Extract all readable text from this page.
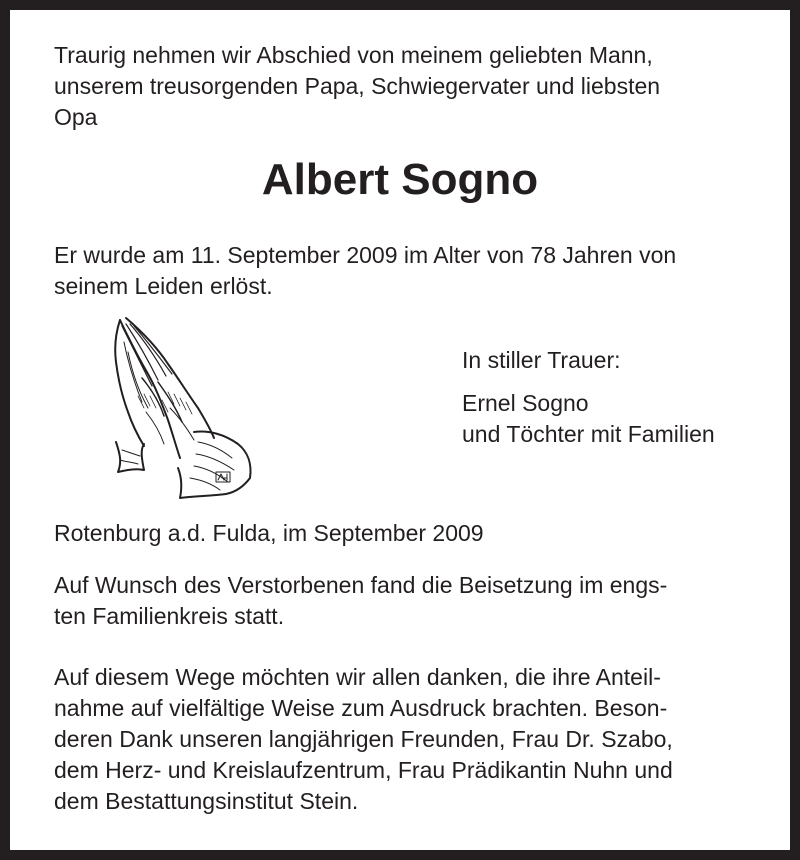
Traurig nehmen wir Abschied von meinem geliebten Mann,

unserem treusorgenden Papa, Schwiegervater und liebsten

Opa

Albert Sogno

Er wurde am 11. September 2009 im Alter von 78 Jahren von

seinem Leiden erlöst.

In stiller Trauer:

Ernel Sogno

und Töchter mit Familien

Rotenburg a.d. Fulda, im September 2009

Auf Wunsch des Verstorbenen fand die Beisetzung im engs-

ten Familienkreis statt.

Auf diesem Wege möchten wir allen danken, die ihre Anteil-

nahme auf vielfältige Weise zum Ausdruck brachten. Beson-

deren Dank unseren langjährigen Freunden, Frau Dr. Szabo,

dem Herz- und Kreislaufzentrum, Frau Prädikantin Nuhn und

dem Bestattungsinstitut Stein.
